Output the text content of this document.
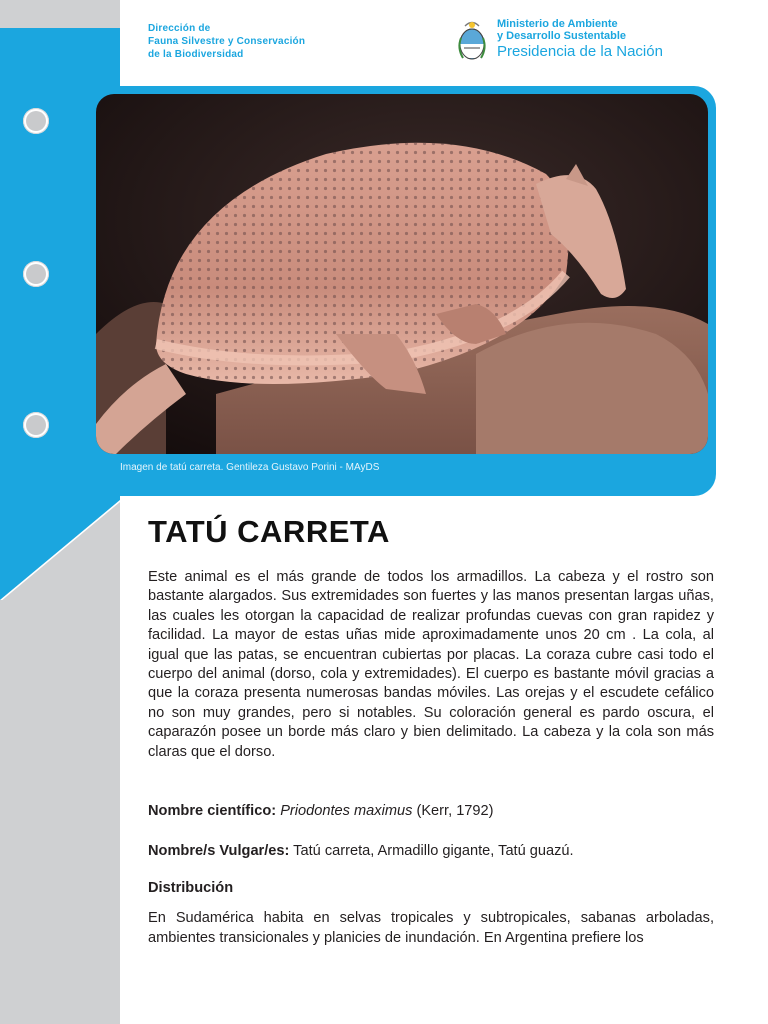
Dirección de
Fauna Silvestre y Conservación
de la Biodiversidad
Ministerio de Ambiente
y Desarrollo Sustentable
Presidencia de la Nación
Imagen de tatú carreta. Gentileza Gustavo Porini - MAyDS
TATÚ CARRETA

Este animal es el más grande de todos los armadillos. La cabeza y el rostro son bastante alargados. Sus extremidades son fuertes y las manos presentan largas uñas, las cuales les otorgan la capacidad de realizar profundas cuevas con gran rapidez y facilidad. La mayor de estas uñas mide aproximadamente unos 20 cm . La cola, al igual que las patas, se encuentran cubiertas por placas. La coraza cubre casi todo el cuerpo del animal (dorso, cola y extremidades). El cuerpo es bastante móvil gracias a que la coraza presenta numerosas bandas móviles. Las orejas y el escudete cefálico no son muy grandes, pero si notables. Su coloración general es pardo oscura, el caparazón posee un borde más claro y bien delimitado. La cabeza y la cola son más claras que el dorso.

Nombre científico: Priodontes maximus (Kerr, 1792)
Nombre/s Vulgar/es: Tatú carreta, Armadillo gigante, Tatú guazú.
Distribución

En Sudamérica habita en selvas tropicales y subtropicales, sabanas arboladas, ambientes transicionales y planicies de inundación. En Argentina prefiere los
